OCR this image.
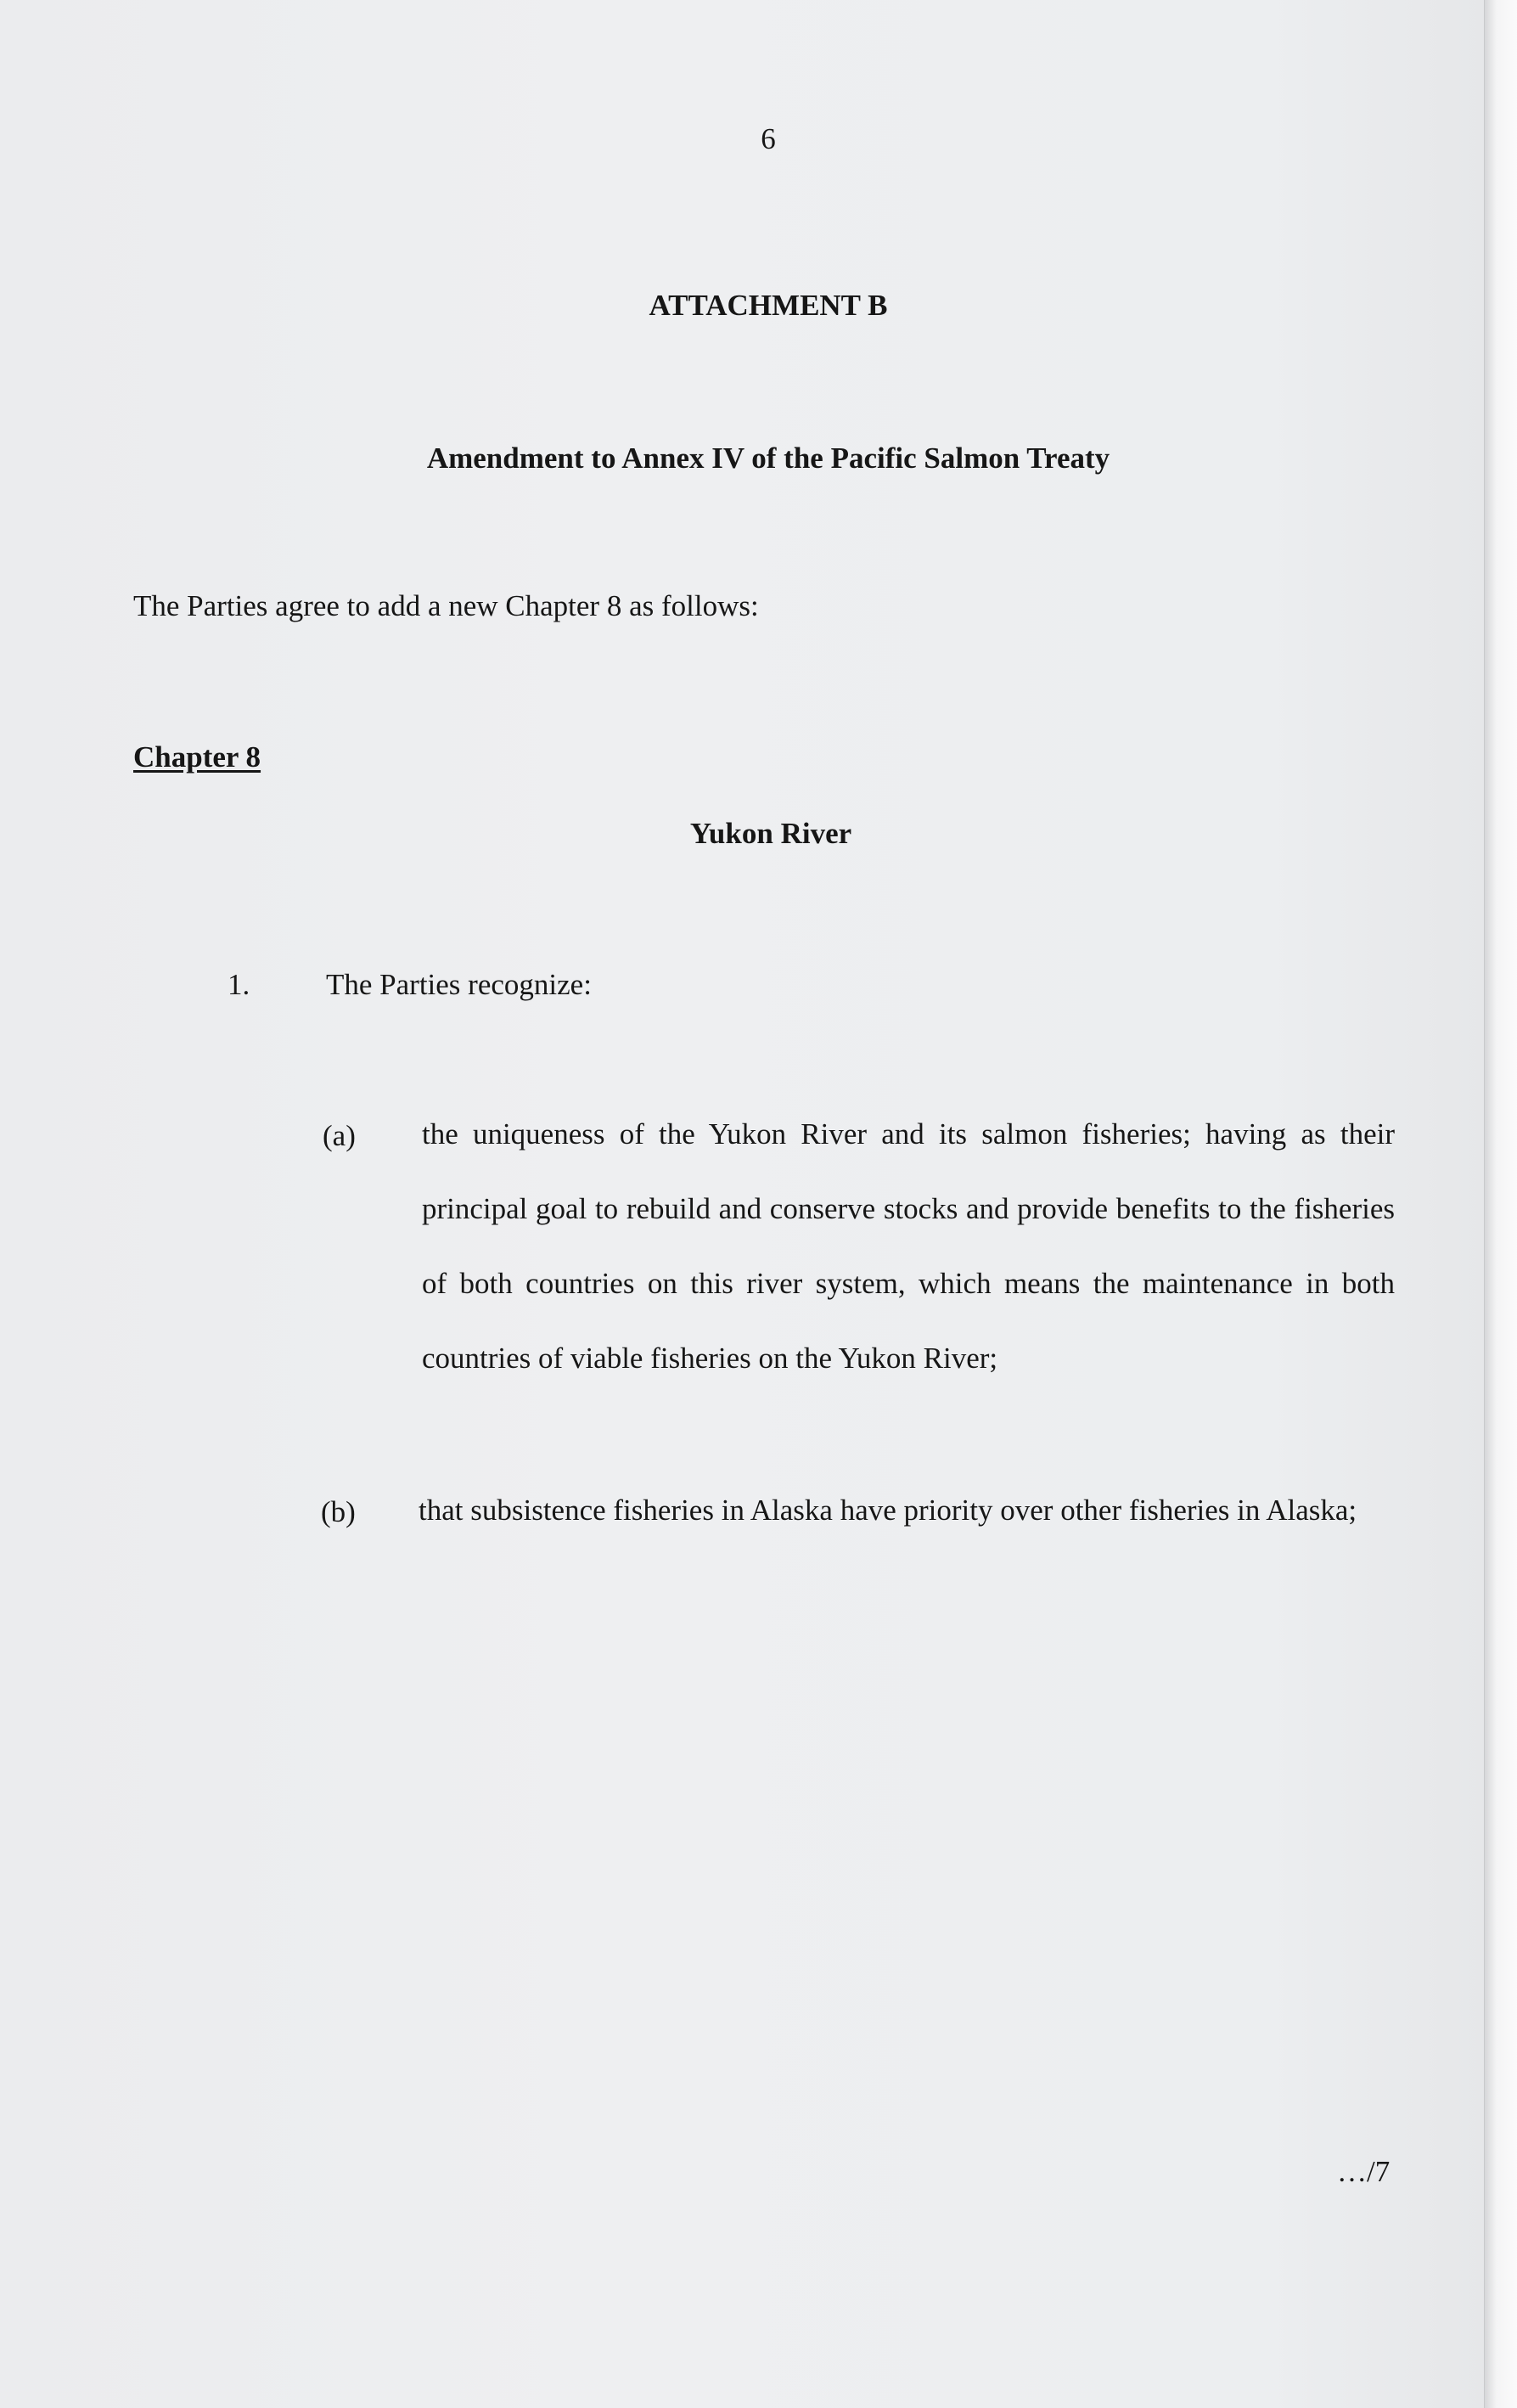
6
ATTACHMENT B
Amendment to Annex IV of the Pacific Salmon Treaty
The Parties agree to add a new Chapter 8 as follows:
Chapter 8
Yukon River
1.	The Parties recognize:
(a) the uniqueness of the Yukon River and its salmon fisheries; having as their principal goal to rebuild and conserve stocks and provide benefits to the fisheries of both countries on this river system, which means the maintenance in both countries of viable fisheries on the Yukon River;
(b) that subsistence fisheries in Alaska have priority over other fisheries in Alaska;
…/7
